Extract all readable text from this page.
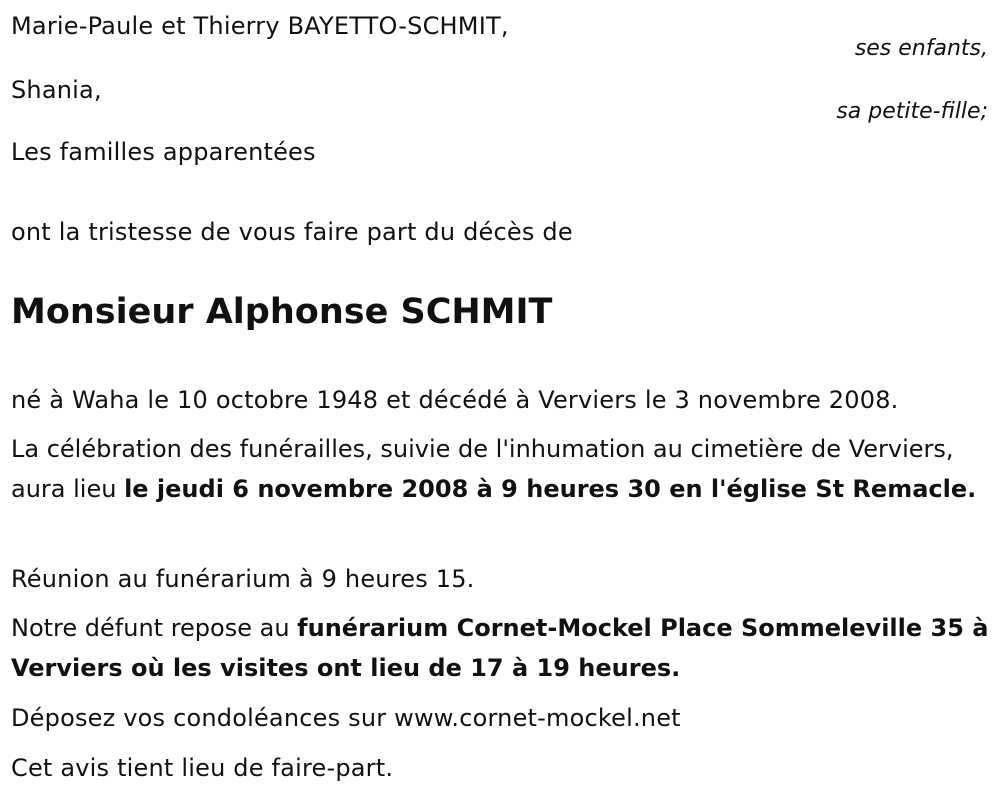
Marie-Paule et Thierry BAYETTO-SCHMIT,
ses enfants,
Shania,
sa petite-fille;
Les familles apparentées
ont la tristesse de vous faire part du décès de
Monsieur Alphonse SCHMIT
né à Waha le 10 octobre 1948 et décédé à Verviers le 3 novembre 2008.
La célébration des funérailles, suivie de l'inhumation au cimetière de Verviers, aura lieu le jeudi 6 novembre 2008 à 9 heures 30 en l'église St Remacle.
Réunion au funérarium à 9 heures 15.
Notre défunt repose au funérarium Cornet-Mockel Place Sommeleville 35 à Verviers où les visites ont lieu de 17 à 19 heures.
Déposez vos condoléances sur www.cornet-mockel.net
Cet avis tient lieu de faire-part.
